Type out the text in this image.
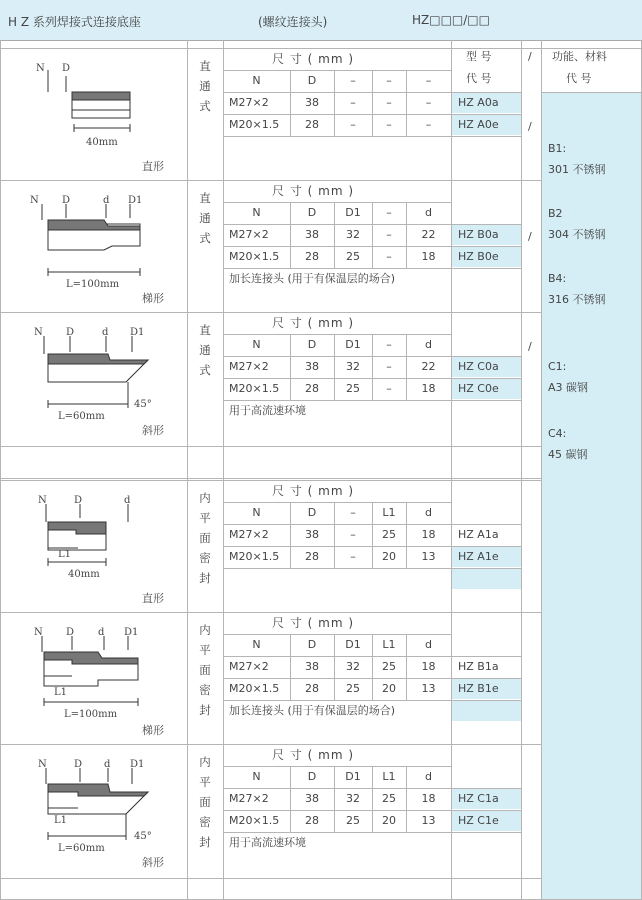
H Z 系列焊接式连接底座	(螺纹连接头)	HZ□□□/□□
型 号
代 号
/ 功能、材料
代 号
N D
40mm
直形
直
通
式
尺 寸 ( mm )
N	D	–	–	–
M27×2	38	–	–	–	HZ A0a
M20×1.5	28	–	–	–	HZ A0e
N D	d D1
L=100mm
梯形
直
通
式
尺 寸 ( mm )
N	D	D1	–	d
M27×2	38	32	–	22	HZ B0a
M20×1.5	28	25	–	18	HZ B0e
加长连接头 (用于有保温层的场合)
N D	d D1
L=60mm
45°
斜形
直
通
式
尺 寸 ( mm )
N	D	D1	–	d
M27×2	38	32	–	22	HZ C0a
M20×1.5	28	25	–	18	HZ C0e
用于高流速环境
N	D	d
L1
40mm
直形
内
平
面
密
封
尺 寸 ( mm )
N	D	–	L1	d
M27×2	38	–	25	18	HZ A1a
M20×1.5	28	–	20	13	HZ A1e
N D d D1
L1
L=100mm
梯形
内
平
面
密
封
尺 寸 ( mm )
N	D	D1	L1	d
M27×2	38	32	25	18	HZ B1a
M20×1.5	28	25	20	13	HZ B1e
加长连接头 (用于有保温层的场合)
N	D d D1
L1
L=60mm
45°
斜形
内
平
面
密
封
尺 寸 ( mm )
N	D	D1	L1	d
M27×2	38	32	25	18	HZ C1a
M20×1.5	28	25	20	13	HZ C1e
用于高流速环境
/
/
/
B1:
301 不锈钢
B2
304 不锈钢
B4:
316 不锈钢
C1:
A3 碳钢
C4:
45 碳钢
